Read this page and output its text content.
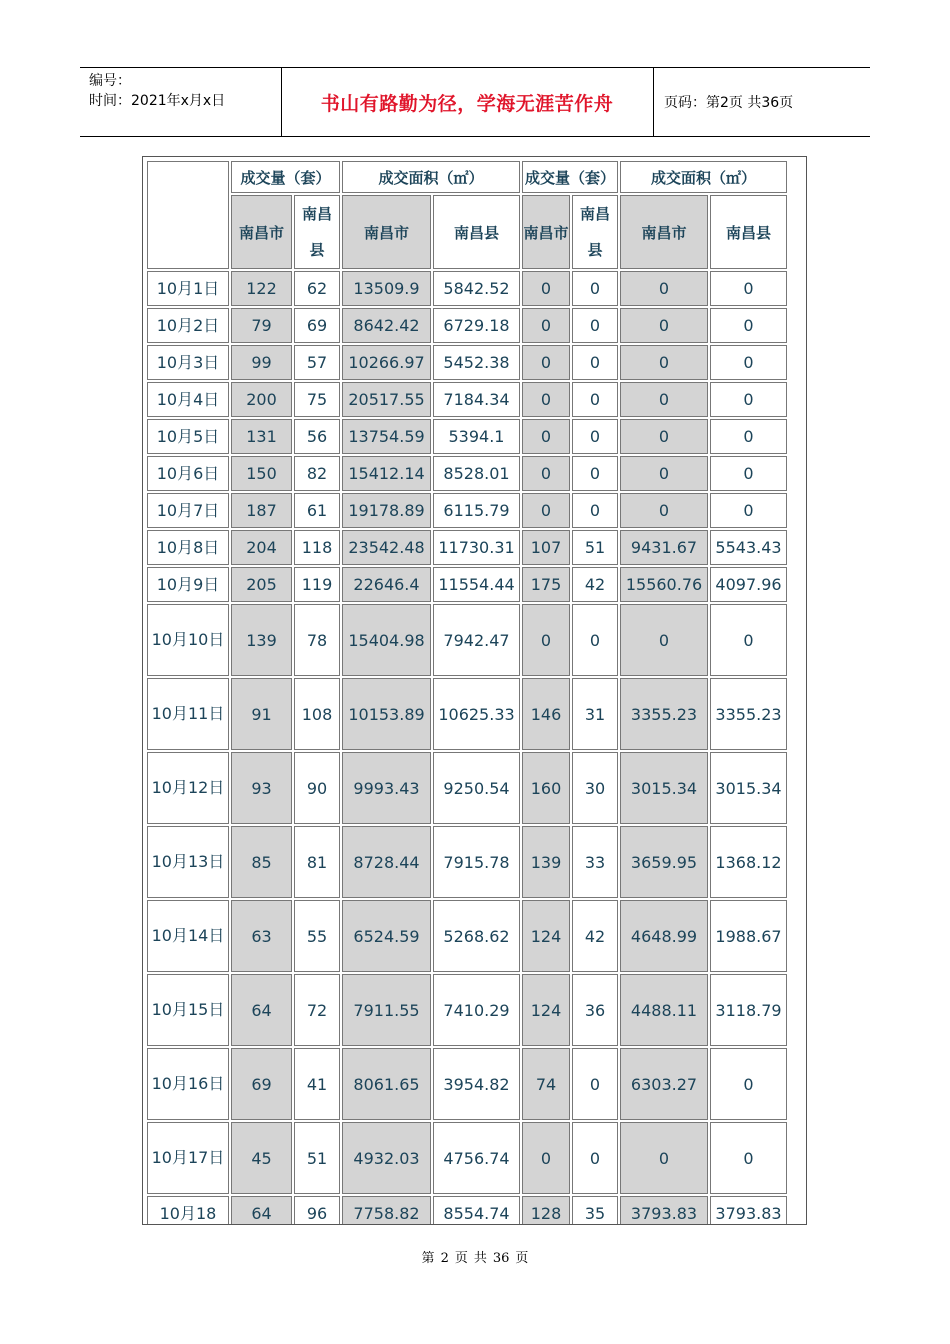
编号：
时间：2021年x月x日	书山有路勤为径，学海无涯苦作舟	页码：第2页 共36页
	成交量（套）		成交面积（㎡）		成交量（套）		成交面积（㎡）	
	南昌市	南昌县	南昌市	南昌县	南昌市	南昌县	南昌市	南昌县
10月1日	122	62	13509.9	5842.52	0	0	0	0
10月2日	79	69	8642.42	6729.18	0	0	0	0
10月3日	99	57	10266.97	5452.38	0	0	0	0
10月4日	200	75	20517.55	7184.34	0	0	0	0
10月5日	131	56	13754.59	5394.1	0	0	0	0
10月6日	150	82	15412.14	8528.01	0	0	0	0
10月7日	187	61	19178.89	6115.79	0	0	0	0
10月8日	204	118	23542.48	11730.31	107	51	9431.67	5543.43
10月9日	205	119	22646.4	11554.44	175	42	15560.76	4097.96
10月10日	139	78	15404.98	7942.47	0	0	0	0
10月11日	91	108	10153.89	10625.33	146	31	3355.23	3355.23
10月12日	93	90	9993.43	9250.54	160	30	3015.34	3015.34
10月13日	85	81	8728.44	7915.78	139	33	3659.95	1368.12
10月14日	63	55	6524.59	5268.62	124	42	4648.99	1988.67
10月15日	64	72	7911.55	7410.29	124	36	4488.11	3118.79
10月16日	69	41	8061.65	3954.82	74	0	6303.27	0
10月17日	45	51	4932.03	4756.74	0	0	0	0
10月18	64	96	7758.82	8554.74	128	35	3793.83	3793.83
第 2 页 共 36 页
